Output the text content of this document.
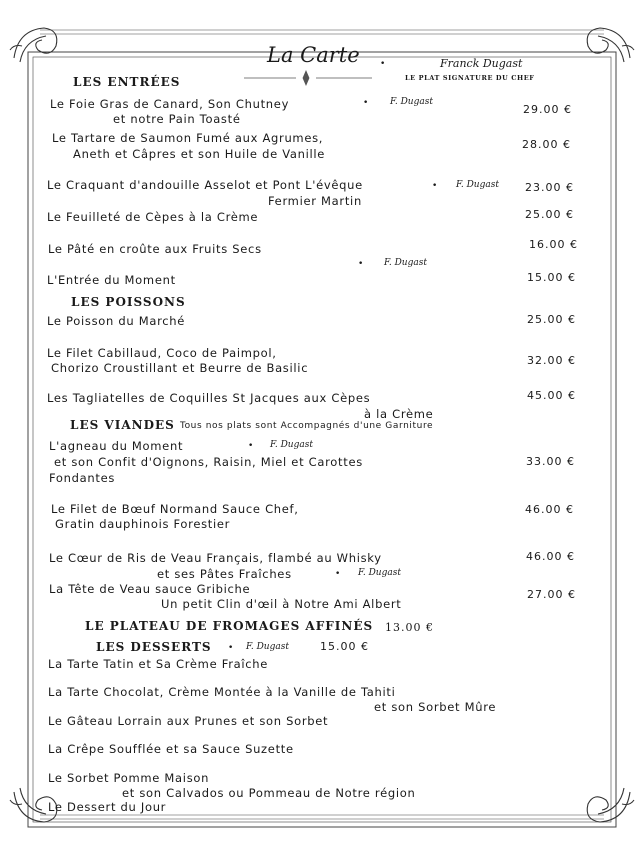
La Carte •	Franck Dugast
LE PLAT SIGNATURE DU CHEF
LES ENTRÉES
Le Foie Gras de Canard, Son Chutney	• F. Dugast
et notre Pain Toasté
29.00 €
Le Tartare de Saumon Fumé aux Agrumes,
Aneth et Câpres et son Huile de Vanille
28.00 €
Le Craquant d'andouille Asselot et Pont L'évêque	• F. Dugast
Fermier Martin
23.00 €
Le Feuilleté de Cèpes à la Crème	25.00 €
Le Pâté en croûte aux Fruits Secs	16.00 €
• F. Dugast
L'Entrée du Moment	15.00 €
LES POISSONS
Le Poisson du Marché	25.00 €
Le Filet Cabillaud, Coco de Paimpol,
Chorizo Croustillant et Beurre de Basilic
32.00 €
Les Tagliatelles de Coquilles St Jacques aux Cèpes
à la Crème
45.00 €
LES VIANDES Tous nos plats sont Accompagnés d'une Garniture
L'agneau du Moment	• F. Dugast
et son Confit d'Oignons, Raisin, Miel et Carottes
Fondantes
33.00 €
Le Filet de Bœuf Normand Sauce Chef,
Gratin dauphinois Forestier
46.00 €
Le Cœur de Ris de Veau Français, flambé au Whisky
et ses Pâtes Fraîches	• F. Dugast
46.00 €
La Tête de Veau sauce Gribiche
Un petit Clin d'œil à Notre Ami Albert
27.00 €
LE PLATEAU DE FROMAGES AFFINÉS 13.00 €
LES DESSERTS • F. Dugast	15.00 €
La Tarte Tatin et Sa Crème Fraîche
La Tarte Chocolat, Crème Montée à la Vanille de Tahiti
et son Sorbet Mûre
Le Gâteau Lorrain aux Prunes et son Sorbet
La Crêpe Soufflée et sa Sauce Suzette
Le Sorbet Pomme Maison
et son Calvados ou Pommeau de Notre région
Le Dessert du Jour
